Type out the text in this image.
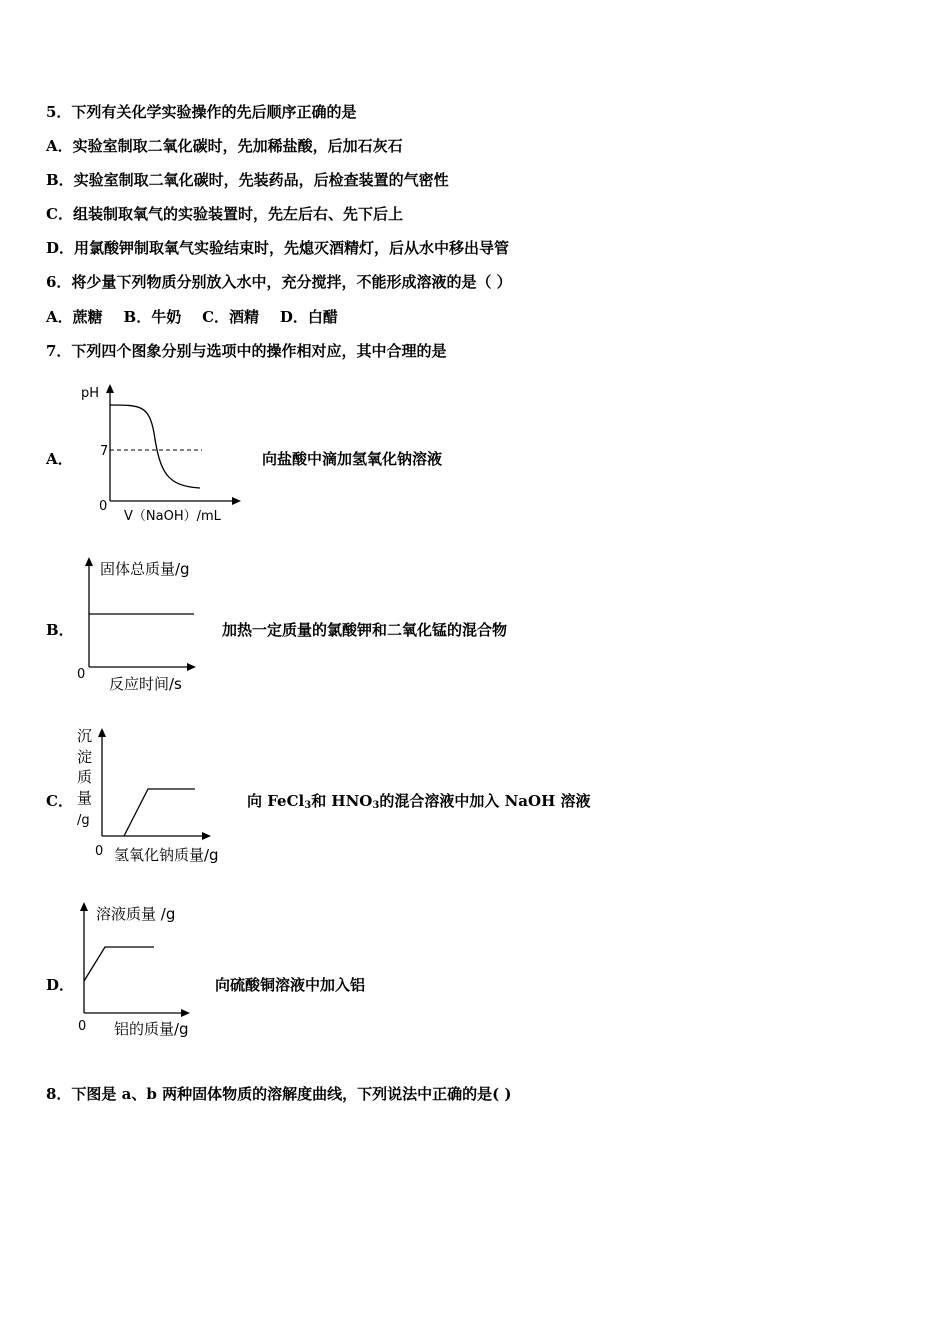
5．下列有关化学实验操作的先后顺序正确的是
A．实验室制取二氧化碳时，先加稀盐酸，后加石灰石
B．实验室制取二氧化碳时，先装药品，后检查装置的气密性
C．组装制取氧气的实验装置时，先左后右、先下后上
D．用氯酸钾制取氧气实验结束时，先熄灭酒精灯，后从水中移出导管
6．将少量下列物质分别放入水中，充分搅拌，不能形成溶液的是（ ）
A．蔗糖    B．牛奶    C．酒精    D．白醋
7．下列四个图象分别与选项中的操作相对应，其中合理的是
A．
pH
7
0
V（NaOH）/mL
向盐酸中滴加氢氧化钠溶液
B．
固体总质量/g
0
反应时间/s
加热一定质量的氯酸钾和二氧化锰的混合物
C．
沉
淀
质
量
/g
0 氢氧化钠质量/g
向 FeCl$_3$和 $HNO_3$的混合溶液中加入 NaOH 溶液
D．
溶液质量 /g
0 铝的质量/g
向硫酸铜溶液中加入铝
8．下图是 a、b 两种固体物质的溶解度曲线，下列说法中正确的是( )
